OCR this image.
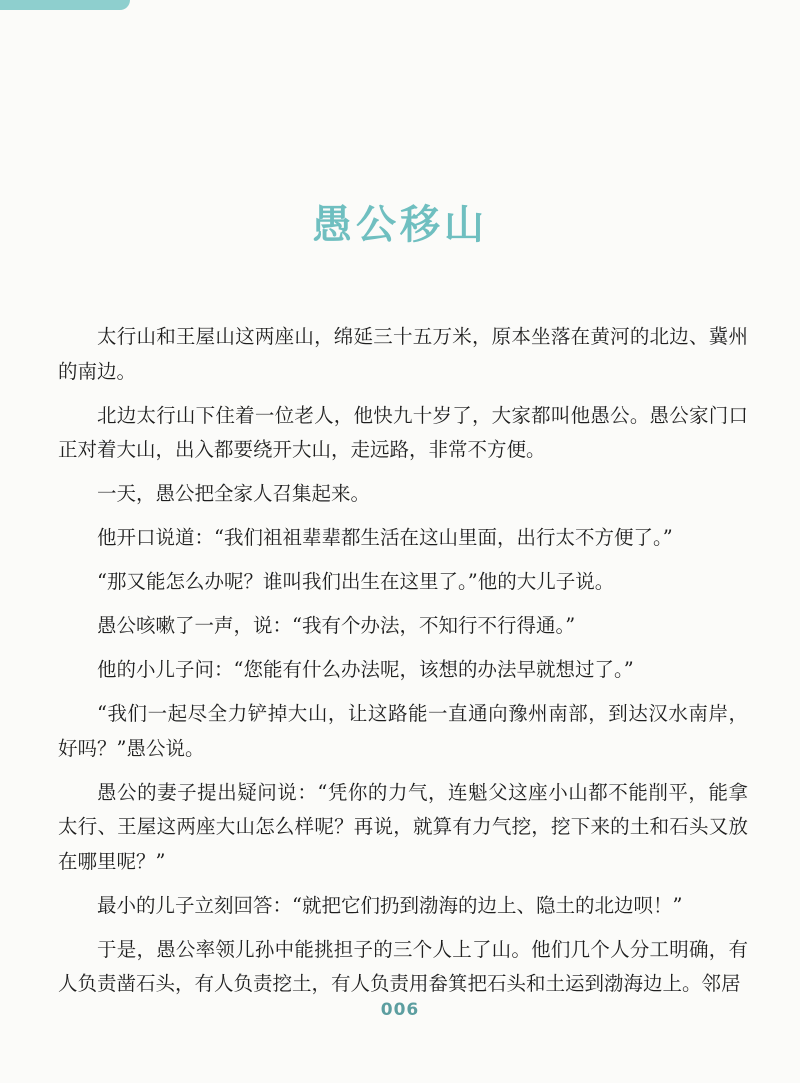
愚公移山

太行山和王屋山这两座山，绵延三十五万米，原本坐落在黄河的北边、冀州的南边。

北边太行山下住着一位老人，他快九十岁了，大家都叫他愚公。愚公家门口正对着大山，出入都要绕开大山，走远路，非常不方便。

一天，愚公把全家人召集起来。

他开口说道：“我们祖祖辈辈都生活在这山里面，出行太不方便了。”

“那又能怎么办呢？谁叫我们出生在这里了。”他的大儿子说。

愚公咳嗽了一声，说：“我有个办法，不知行不行得通。”

他的小儿子问：“您能有什么办法呢，该想的办法早就想过了。”

“我们一起尽全力铲掉大山，让这路能一直通向豫州南部，到达汉水南岸，好吗？”愚公说。

愚公的妻子提出疑问说：“凭你的力气，连魁父这座小山都不能削平，能拿太行、王屋这两座大山怎么样呢？再说，就算有力气挖，挖下来的土和石头又放在哪里呢？”

最小的儿子立刻回答：“就把它们扔到渤海的边上、隐土的北边呗！”

于是，愚公率领儿孙中能挑担子的三个人上了山。他们几个人分工明确，有人负责凿石头，有人负责挖土，有人负责用畚箕把石头和土运到渤海边上。邻居

006
